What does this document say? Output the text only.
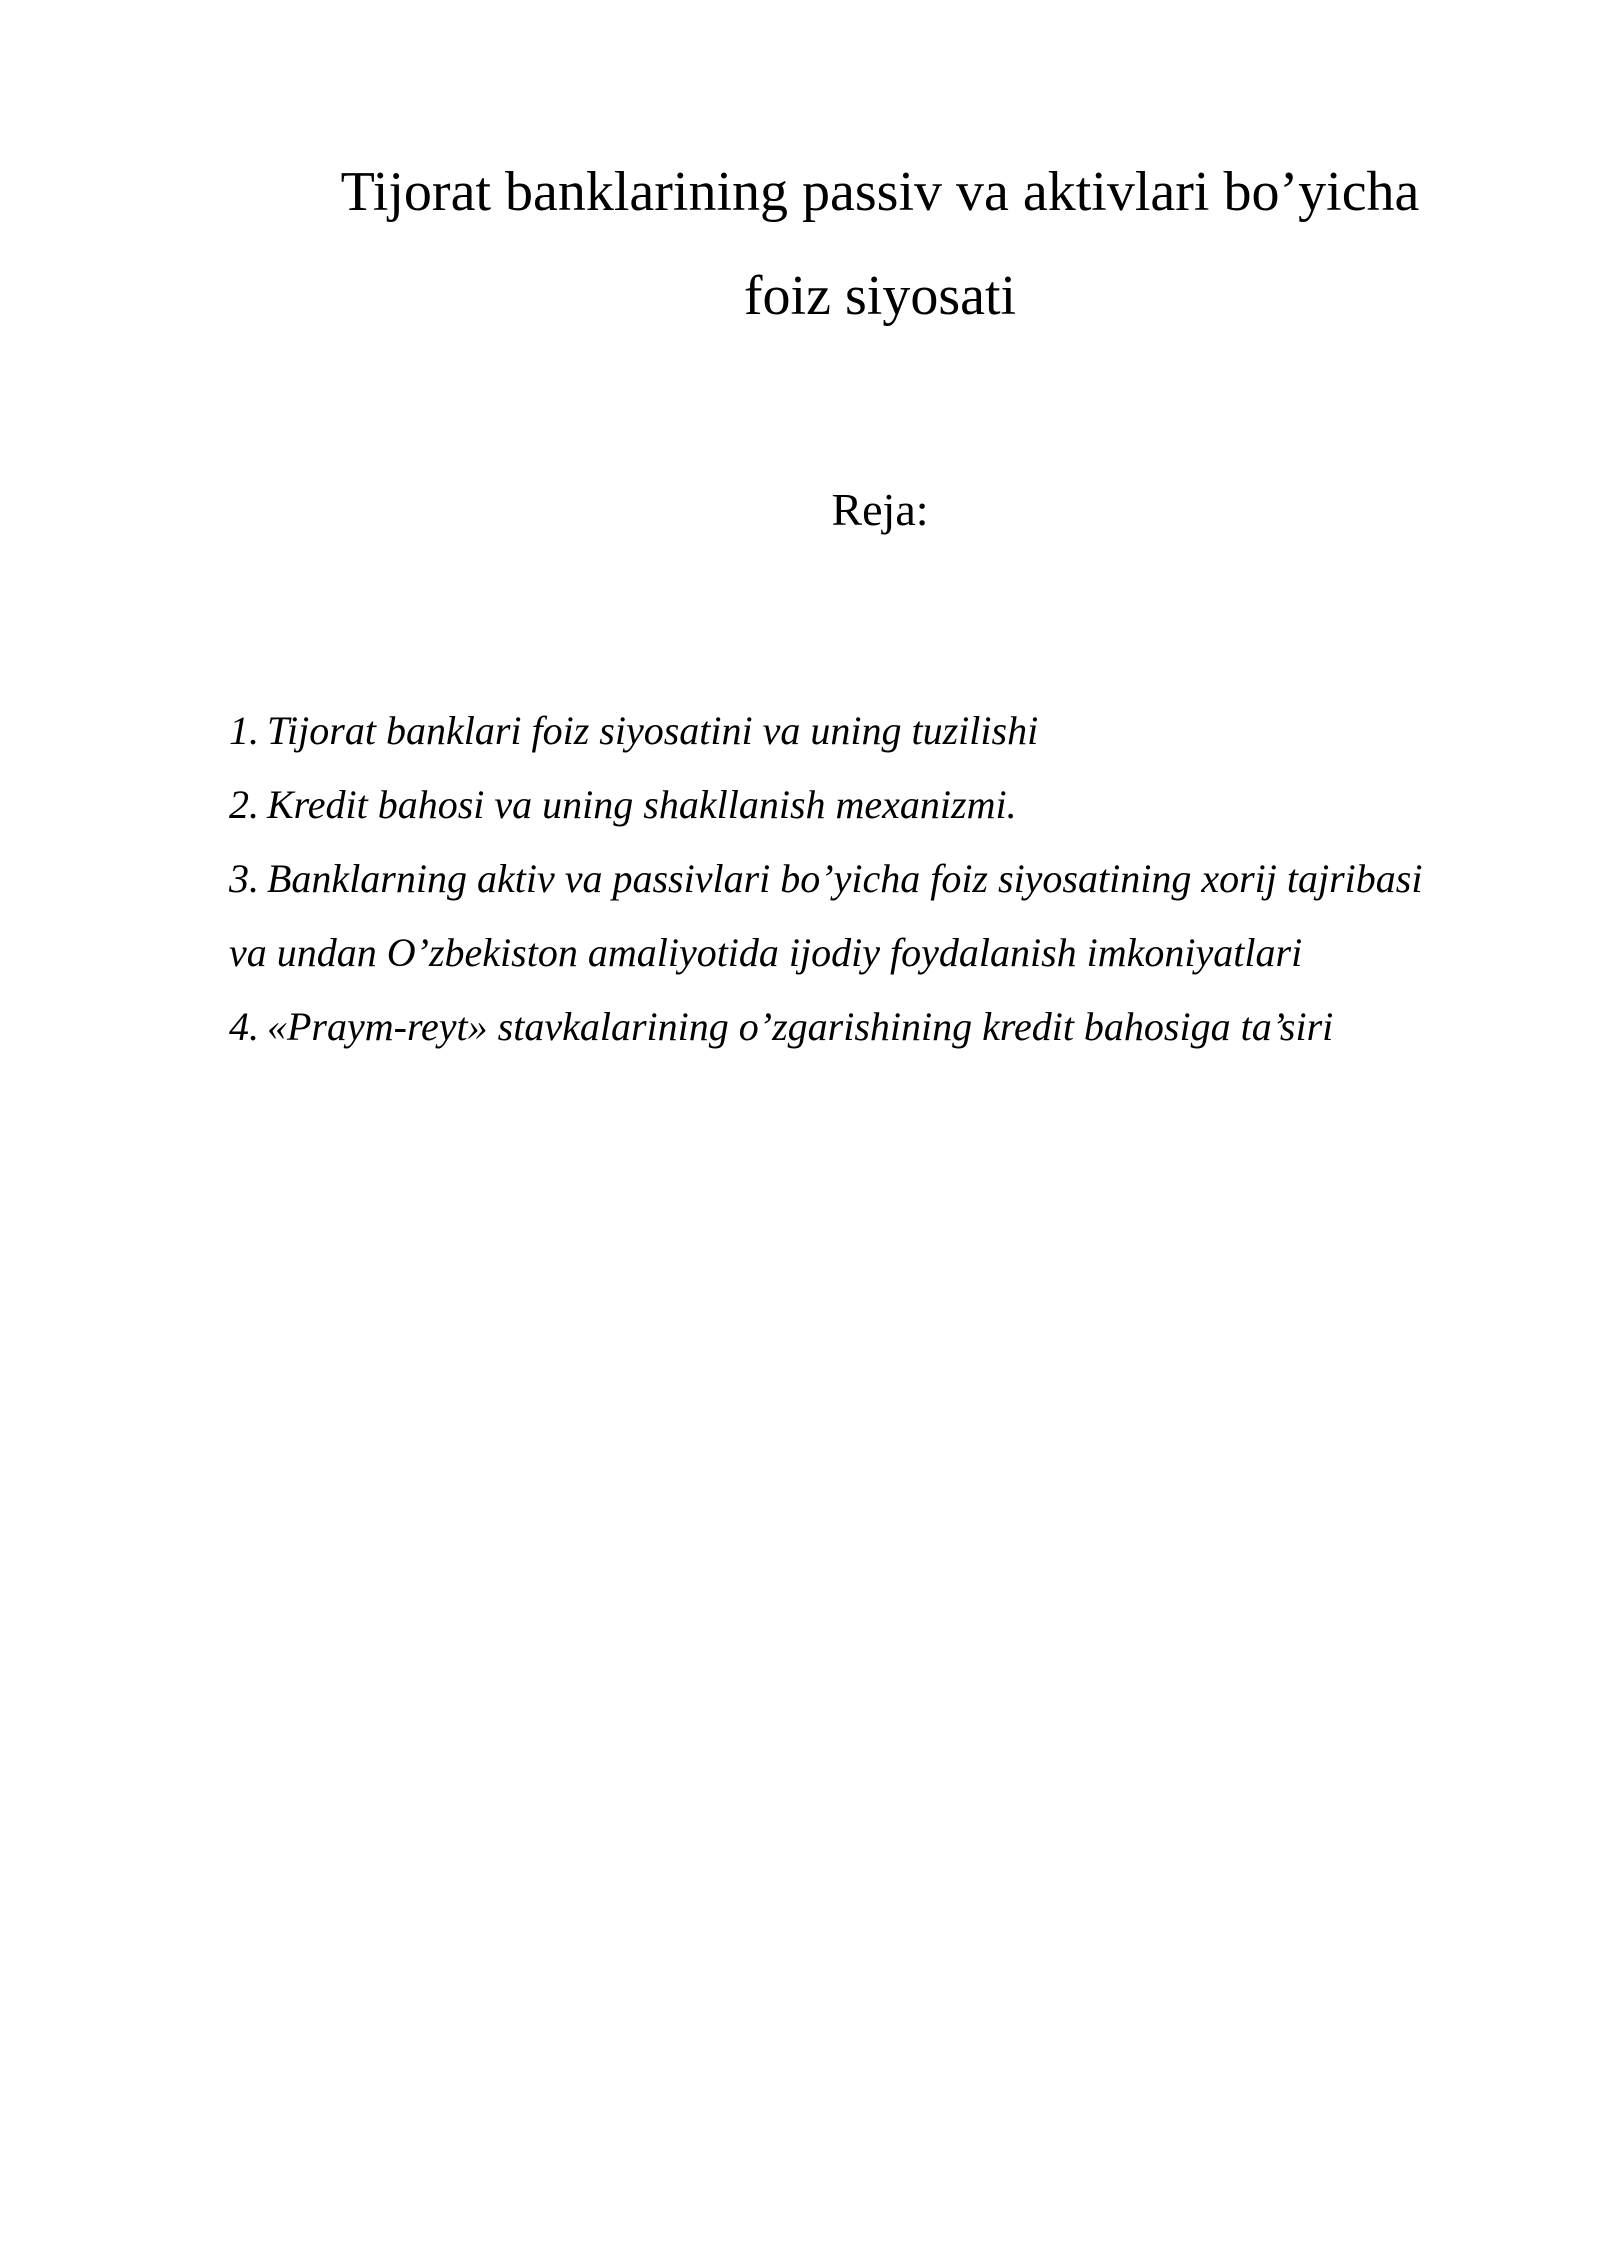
Tijorat banklarining passiv va aktivlari bo’yicha
foiz siyosati
Reja:
1. Tijorat banklari foiz siyosatini va uning tuzilishi
2. Kredit bahosi va uning shakllanish mexanizmi.
3. Banklarning aktiv va passivlari bo’yicha foiz siyosatining xorij tajribasi va undan O’zbekiston amaliyotida ijodiy foydalanish imkoniyatlari
4. «Praym-reyt» stavkalarining o’zgarishining kredit bahosiga ta’siri
